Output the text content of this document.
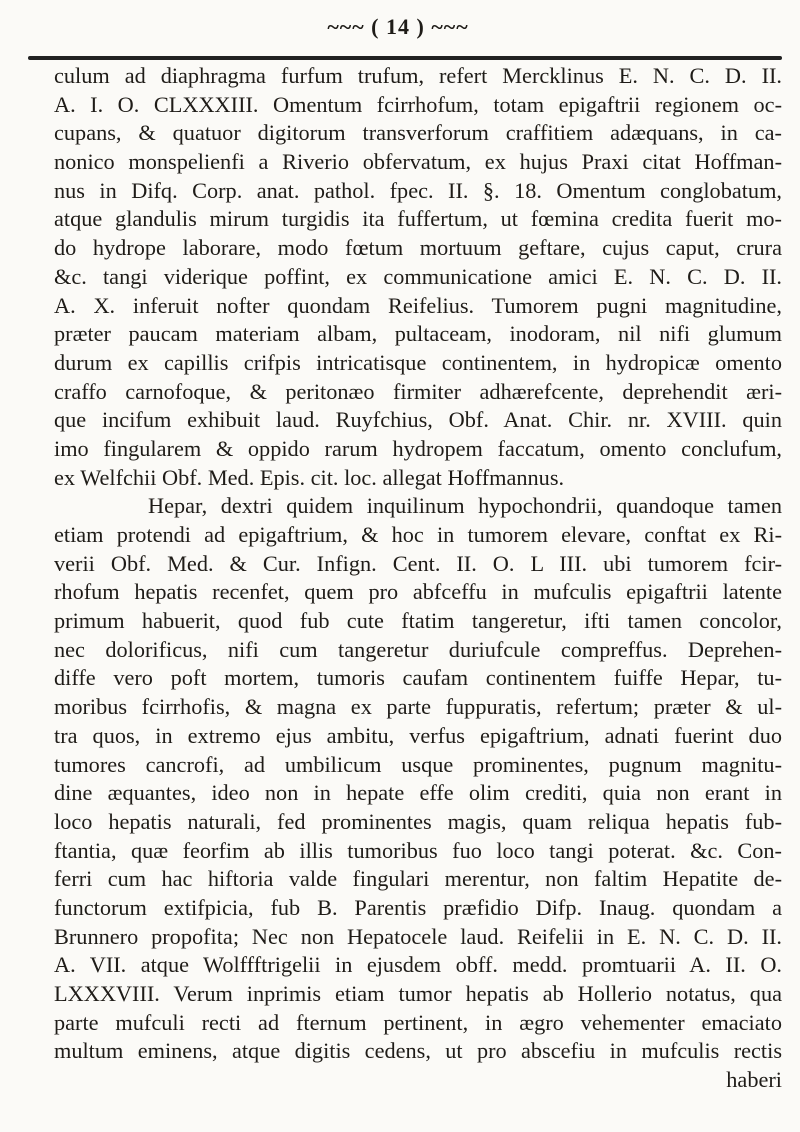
~~~ ( 14 ) ~~~
culum ad diaphragma furfum trufum, refert Mercklinus E. N. C. D. II.
A. I. O. CLXXXIII. Omentum fcirrhofum, totam epigaftrii regionem oc-
cupans, & quatuor digitorum transverforum craffitiem adæquans, in ca-
nonico monspelienfi a Riverio obfervatum, ex hujus Praxi citat Hoffman-
nus in Difq. Corp. anat. pathol. fpec. II. §. 18. Omentum conglobatum,
atque glandulis mirum turgidis ita fuffertum, ut fœmina credita fuerit mo-
do hydrope laborare, modo fœtum mortuum geftare, cujus caput, crura
&c. tangi viderique poffint, ex communicatione amici E. N. C. D. II.
A. X. inferuit nofter quondam Reifelius. Tumorem pugni magnitudine,
præter paucam materiam albam, pultaceam, inodoram, nil nifi glumum
durum ex capillis crifpis intricatisque continentem, in hydropicæ omento
craffo carnofoque, & peritonæo firmiter adhærefcente, deprehendit æri-
que incifum exhibuit laud. Ruyfchius, Obf. Anat. Chir. nr. XVIII. quin
imo fingularem & oppido rarum hydropem faccatum, omento conclufum,
ex Welfchii Obf. Med. Epis. cit. loc. allegat Hoffmannus.
Hepar, dextri quidem inquilinum hypochondrii, quandoque tamen
etiam protendi ad epigaftrium, & hoc in tumorem elevare, conftat ex Ri-
verii Obf. Med. & Cur. Infign. Cent. II. O. L III. ubi tumorem fcir-
rhofum hepatis recenfet, quem pro abfceffu in mufculis epigaftrii latente
primum habuerit, quod fub cute ftatim tangeretur, ifti tamen concolor,
nec dolorificus, nifi cum tangeretur duriufcule compreffus. Deprehen-
diffe vero poft mortem, tumoris caufam continentem fuiffe Hepar, tu-
moribus fcirrhofis, & magna ex parte fuppuratis, refertum; præter & ul-
tra quos, in extremo ejus ambitu, verfus epigaftrium, adnati fuerint duo
tumores cancrofi, ad umbilicum usque prominentes, pugnum magnitu-
dine æquantes, ideo non in hepate effe olim crediti, quia non erant in
loco hepatis naturali, fed prominentes magis, quam reliqua hepatis fub-
ftantia, quæ feorfim ab illis tumoribus fuo loco tangi poterat. &c. Con-
ferri cum hac hiftoria valde fingulari merentur, non faltim Hepatite de-
functorum extifpicia, fub B. Parentis præfidio Difp. Inaug. quondam a
Brunnero propofita; Nec non Hepatocele laud. Reifelii in E. N. C. D. II.
A. VII. atque Wolffftrigelii in ejusdem obff. medd. promtuarii A. II. O.
LXXXVIII. Verum inprimis etiam tumor hepatis ab Hollerio notatus, qua
parte mufculi recti ad fternum pertinent, in ægro vehementer emaciato
multum eminens, atque digitis cedens, ut pro abscefiu in mufculis rectis
haberi
